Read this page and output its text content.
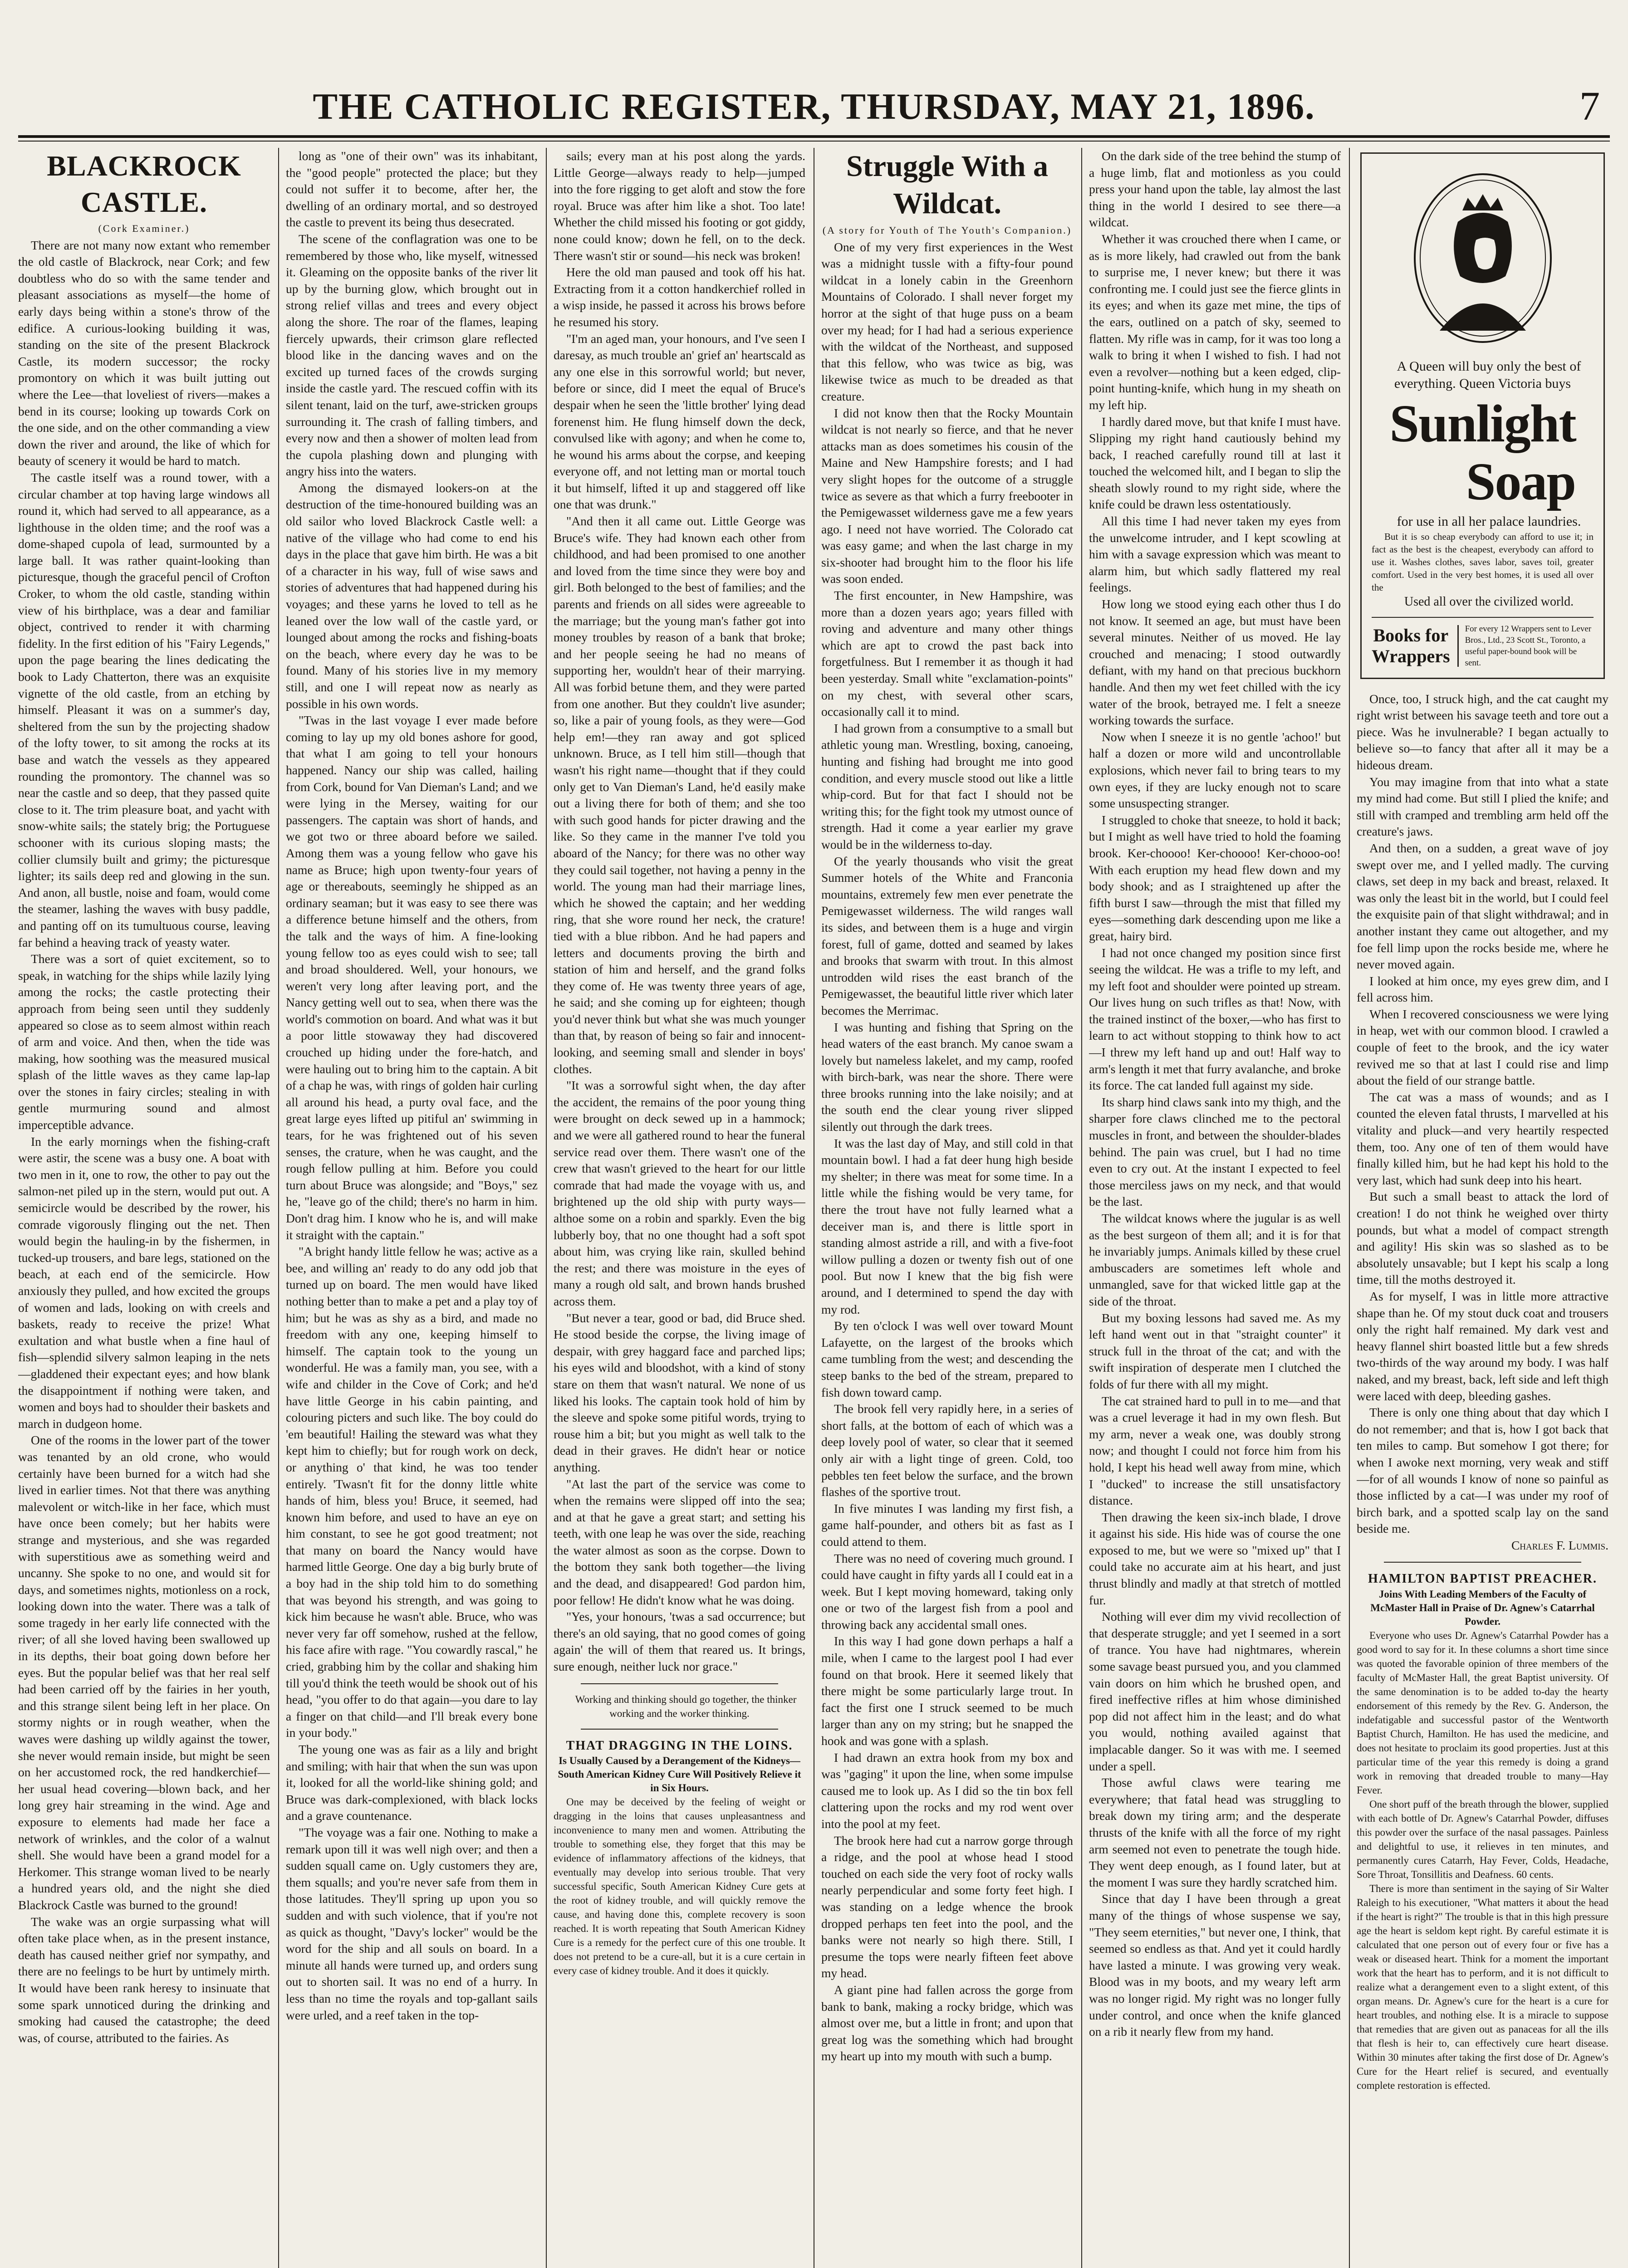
THE CATHOLIC REGISTER, THURSDAY, MAY 21, 1896.	7

BLACKROCK CASTLE.

(Cork Examiner.)

There are not many now extant who remember the old castle of Blackrock, near Cork; and few doubtless who do so with the same tender and pleasant associations as myself—the home of early days being within a stone's throw of the edifice. A curious-looking building it was, standing on the site of the present Blackrock Castle, its modern successor; the rocky promontory on which it was built jutting out where the Lee—that loveliest of rivers—makes a bend in its course; looking up towards Cork on the one side, and on the other commanding a view down the river and around, the like of which for beauty of scenery it would be hard to match.

The castle itself was a round tower, with a circular chamber at top having large windows all round it, which had served to all appearance, as a lighthouse in the olden time; and the roof was a dome-shaped cupola of lead, surmounted by a large ball. It was rather quaint-looking than picturesque, though the graceful pencil of Crofton Croker, to whom the old castle, standing within view of his birthplace, was a dear and familiar object, contrived to render it with charming fidelity. In the first edition of his "Fairy Legends," upon the page bearing the lines dedicating the book to Lady Chatterton, there was an exquisite vignette of the old castle, from an etching by himself. Pleasant it was on a summer's day, sheltered from the sun by the projecting shadow of the lofty tower, to sit among the rocks at its base and watch the vessels as they appeared rounding the promontory. The channel was so near the castle and so deep, that they passed quite close to it. The trim pleasure boat, and yacht with snow-white sails; the stately brig; the Portuguese schooner with its curious sloping masts; the collier clumsily built and grimy; the picturesque lighter; its sails deep red and glowing in the sun. And anon, all bustle, noise and foam, would come the steamer, lashing the waves with busy paddle, and panting off on its tumultuous course, leaving far behind a heaving track of yeasty water.

There was a sort of quiet excitement, so to speak, in watching for the ships while lazily lying among the rocks; the castle protecting their approach from being seen until they suddenly appeared so close as to seem almost within reach of arm and voice. And then, when the tide was making, how soothing was the measured musical splash of the little waves as they came lap-lap over the stones in fairy circles; stealing in with gentle murmuring sound and almost imperceptible advance.

In the early mornings when the fishing-craft were astir, the scene was a busy one. A boat with two men in it, one to row, the other to pay out the salmon-net piled up in the stern, would put out. A semicircle would be described by the rower, his comrade vigorously flinging out the net. Then would begin the hauling-in by the fishermen, in tucked-up trousers, and bare legs, stationed on the beach, at each end of the semicircle. How anxiously they pulled, and how excited the groups of women and lads, looking on with creels and baskets, ready to receive the prize! What exultation and what bustle when a fine haul of fish—splendid silvery salmon leaping in the nets—gladdened their expectant eyes; and how blank the disappointment if nothing were taken, and women and boys had to shoulder their baskets and march in dudgeon home.

One of the rooms in the lower part of the tower was tenanted by an old crone, who would certainly have been burned for a witch had she lived in earlier times. Not that there was anything malevolent or witch-like in her face, which must have once been comely; but her habits were strange and mysterious, and she was regarded with superstitious awe as something weird and uncanny. She spoke to no one, and would sit for days, and sometimes nights, motionless on a rock, looking down into the water. There was a talk of some tragedy in her early life connected with the river; of all she loved having been swallowed up in its depths, their boat going down before her eyes. But the popular belief was that her real self had been carried off by the fairies in her youth, and this strange silent being left in her place. On stormy nights or in rough weather, when the waves were dashing up wildly against the tower, she never would remain inside, but might be seen on her accustomed rock, the red handkerchief—her usual head covering—blown back, and her long grey hair streaming in the wind. Age and exposure to elements had made her face a network of wrinkles, and the color of a walnut shell. She would have been a grand model for a Herkomer. This strange woman lived to be nearly a hundred years old, and the night she died Blackrock Castle was burned to the ground!

The wake was an orgie surpassing what will often take place when, as in the present instance, death has caused neither grief nor sympathy, and there are no feelings to be hurt by untimely mirth. It would have been rank heresy to insinuate that some spark unnoticed during the drinking and smoking had caused the catastrophe; the deed was, of course, attributed to the fairies. As

long as "one of their own" was its inhabitant, the "good people" protected the place; but they could not suffer it to become, after her, the dwelling of an ordinary mortal, and so destroyed the castle to prevent its being thus desecrated.

The scene of the conflagration was one to be remembered by those who, like myself, witnessed it. Gleaming on the opposite banks of the river lit up by the burning glow, which brought out in strong relief villas and trees and every object along the shore. The roar of the flames, leaping fiercely upwards, their crimson glare reflected blood like in the dancing waves and on the excited up turned faces of the crowds surging inside the castle yard. The rescued coffin with its silent tenant, laid on the turf, awe-stricken groups surrounding it. The crash of falling timbers, and every now and then a shower of molten lead from the cupola plashing down and plunging with angry hiss into the waters.

Among the dismayed lookers-on at the destruction of the time-honoured building was an old sailor who loved Blackrock Castle well: a native of the village who had come to end his days in the place that gave him birth. He was a bit of a character in his way, full of wise saws and stories of adventures that had happened during his voyages; and these yarns he loved to tell as he leaned over the low wall of the castle yard, or lounged about among the rocks and fishing-boats on the beach, where every day he was to be found. Many of his stories live in my memory still, and one I will repeat now as nearly as possible in his own words.

"Twas in the last voyage I ever made before coming to lay up my old bones ashore for good, that what I am going to tell your honours happened. Nancy our ship was called, hailing from Cork, bound for Van Dieman's Land; and we were lying in the Mersey, waiting for our passengers. The captain was short of hands, and we got two or three aboard before we sailed. Among them was a young fellow who gave his name as Bruce; high upon twenty-four years of age or thereabouts, seemingly he shipped as an ordinary seaman; but it was easy to see there was a difference betune himself and the others, from the talk and the ways of him. A fine-looking young fellow too as eyes could wish to see; tall and broad shouldered. Well, your honours, we weren't very long after leaving port, and the Nancy getting well out to sea, when there was the world's commotion on board. And what was it but a poor little stowaway they had discovered crouched up hiding under the fore-hatch, and were hauling out to bring him to the captain. A bit of a chap he was, with rings of golden hair curling all around his head, a purty oval face, and the great large eyes lifted up pitiful an' swimming in tears, for he was frightened out of his seven senses, the crature, when he was caught, and the rough fellow pulling at him. Before you could turn about Bruce was alongside; and "Boys," sez he, "leave go of the child; there's no harm in him. Don't drag him. I know who he is, and will make it straight with the captain."

"A bright handy little fellow he was; active as a bee, and willing an' ready to do any odd job that turned up on board. The men would have liked nothing better than to make a pet and a play toy of him; but he was as shy as a bird, and made no freedom with any one, keeping himself to himself. The captain took to the young un wonderful. He was a family man, you see, with a wife and childer in the Cove of Cork; and he'd have little George in his cabin painting, and colouring picters and such like. The boy could do 'em beautiful! Hailing the steward was what they kept him to chiefly; but for rough work on deck, or anything o' that kind, he was too tender entirely. 'Twasn't fit for the donny little white hands of him, bless you! Bruce, it seemed, had known him before, and used to have an eye on him constant, to see he got good treatment; not that many on board the Nancy would have harmed little George. One day a big burly brute of a boy had in the ship told him to do something that was beyond his strength, and was going to kick him because he wasn't able. Bruce, who was never very far off somehow, rushed at the fellow, his face afire with rage. "You cowardly rascal," he cried, grabbing him by the collar and shaking him till you'd think the teeth would be shook out of his head, "you offer to do that again—you dare to lay a finger on that child—and I'll break every bone in your body."

The young one was as fair as a lily and bright and smiling; with hair that when the sun was upon it, looked for all the world-like shining gold; and Bruce was dark-complexioned, with black locks and a grave countenance.

"The voyage was a fair one. Nothing to make a remark upon till it was well nigh over; and then a sudden squall came on. Ugly customers they are, them squalls; and you're never safe from them in those latitudes. They'll spring up upon you so sudden and with such violence, that if you're not as quick as thought, "Davy's locker" would be the word for the ship and all souls on board. In a minute all hands were turned up, and orders sung out to shorten sail. It was no end of a hurry. In less than no time the royals and top-gallant sails were urled, and a reef taken in the top-

sails; every man at his post along the yards. Little George—always ready to help—jumped into the fore rigging to get aloft and stow the fore royal. Bruce was after him like a shot. Too late! Whether the child missed his footing or got giddy, none could know; down he fell, on to the deck. There wasn't stir or sound—his neck was broken!

Here the old man paused and took off his hat. Extracting from it a cotton handkerchief rolled in a wisp inside, he passed it across his brows before he resumed his story.

"I'm an aged man, your honours, and I've seen I daresay, as much trouble an' grief an' heartscald as any one else in this sorrowful world; but never, before or since, did I meet the equal of Bruce's despair when he seen the 'little brother' lying dead forenenst him. He flung himself down the deck, convulsed like with agony; and when he come to, he wound his arms about the corpse, and keeping everyone off, and not letting man or mortal touch it but himself, lifted it up and staggered off like one that was drunk."

"And then it all came out. Little George was Bruce's wife. They had known each other from childhood, and had been promised to one another and loved from the time since they were boy and girl. Both belonged to the best of families; and the parents and friends on all sides were agreeable to the marriage; but the young man's father got into money troubles by reason of a bank that broke; and her people seeing he had no means of supporting her, wouldn't hear of their marrying. All was forbid betune them, and they were parted from one another. But they couldn't live asunder; so, like a pair of young fools, as they were—God help em!—they ran away and got spliced unknown. Bruce, as I tell him still—though that wasn't his right name—thought that if they could only get to Van Dieman's Land, he'd easily make out a living there for both of them; and she too with such good hands for picter drawing and the like. So they came in the manner I've told you aboard of the Nancy; for there was no other way they could sail together, not having a penny in the world. The young man had their marriage lines, which he showed the captain; and her wedding ring, that she wore round her neck, the crature! tied with a blue ribbon. And he had papers and letters and documents proving the birth and station of him and herself, and the grand folks they come of. He was twenty three years of age, he said; and she coming up for eighteen; though you'd never think but what she was much younger than that, by reason of being so fair and innocent-looking, and seeming small and slender in boys' clothes.

"It was a sorrowful sight when, the day after the accident, the remains of the poor young thing were brought on deck sewed up in a hammock; and we were all gathered round to hear the funeral service read over them. There wasn't one of the crew that wasn't grieved to the heart for our little comrade that had made the voyage with us, and brightened up the old ship with purty ways—althoe some on a robin and sparkly. Even the big lubberly boy, that no one thought had a soft spot about him, was crying like rain, skulled behind the rest; and there was moisture in the eyes of many a rough old salt, and brown hands brushed across them.

"But never a tear, good or bad, did Bruce shed. He stood beside the corpse, the living image of despair, with grey haggard face and parched lips; his eyes wild and bloodshot, with a kind of stony stare on them that wasn't natural. We none of us liked his looks. The captain took hold of him by the sleeve and spoke some pitiful words, trying to rouse him a bit; but you might as well talk to the dead in their graves. He didn't hear or notice anything.

"At last the part of the service was come to when the remains were slipped off into the sea; and at that he gave a great start; and setting his teeth, with one leap he was over the side, reaching the water almost as soon as the corpse. Down to the bottom they sank both together—the living and the dead, and disappeared! God pardon him, poor fellow! He didn't know what he was doing.

"Yes, your honours, 'twas a sad occurrence; but there's an old saying, that no good comes of going again' the will of them that reared us. It brings, sure enough, neither luck nor grace."

Working and thinking should go together, the thinker working and the worker thinking.

THAT DRAGGING IN THE LOINS.

Is Usually Caused by a Derangement of the Kidneys—South American Kidney Cure Will Positively Relieve it in Six Hours.

One may be deceived by the feeling of weight or dragging in the loins that causes unpleasantness and inconvenience to many men and women. Attributing the trouble to something else, they forget that this may be evidence of inflammatory affections of the kidneys, that eventually may develop into serious trouble. That very successful specific, South American Kidney Cure gets at the root of kidney trouble, and will quickly remove the cause, and having done this, complete recovery is soon reached. It is worth repeating that South American Kidney Cure is a remedy for the perfect cure of this one trouble. It does not pretend to be a cure-all, but it is a cure certain in every case of kidney trouble. And it does it quickly.

Struggle With a Wildcat.

(A story for Youth of The Youth's Companion.)

One of my very first experiences in the West was a midnight tussle with a fifty-four pound wildcat in a lonely cabin in the Greenhorn Mountains of Colorado. I shall never forget my horror at the sight of that huge puss on a beam over my head; for I had had a serious experience with the wildcat of the Northeast, and supposed that this fellow, who was twice as big, was likewise twice as much to be dreaded as that creature.

I did not know then that the Rocky Mountain wildcat is not nearly so fierce, and that he never attacks man as does sometimes his cousin of the Maine and New Hampshire forests; and I had very slight hopes for the outcome of a struggle twice as severe as that which a furry freebooter in the Pemigewasset wilderness gave me a few years ago. I need not have worried. The Colorado cat was easy game; and when the last charge in my six-shooter had brought him to the floor his life was soon ended.

The first encounter, in New Hampshire, was more than a dozen years ago; years filled with roving and adventure and many other things which are apt to crowd the past back into forgetfulness. But I remember it as though it had been yesterday. Small white "exclamation-points" on my chest, with several other scars, occasionally call it to mind.

I had grown from a consumptive to a small but athletic young man. Wrestling, boxing, canoeing, hunting and fishing had brought me into good condition, and every muscle stood out like a little whip-cord. But for that fact I should not be writing this; for the fight took my utmost ounce of strength. Had it come a year earlier my grave would be in the wilderness to-day.

Of the yearly thousands who visit the great Summer hotels of the White and Franconia mountains, extremely few men ever penetrate the Pemigewasset wilderness. The wild ranges wall its sides, and between them is a huge and virgin forest, full of game, dotted and seamed by lakes and brooks that swarm with trout. In this almost untrodden wild rises the east branch of the Pemigewasset, the beautiful little river which later becomes the Merrimac.

I was hunting and fishing that Spring on the head waters of the east branch. My canoe swam a lovely but nameless lakelet, and my camp, roofed with birch-bark, was near the shore. There were three brooks running into the lake noisily; and at the south end the clear young river slipped silently out through the dark trees.

It was the last day of May, and still cold in that mountain bowl. I had a fat deer hung high beside my shelter; in there was meat for some time. In a little while the fishing would be very tame, for there the trout have not fully learned what a deceiver man is, and there is little sport in standing almost astride a rill, and with a five-foot willow pulling a dozen or twenty fish out of one pool. But now I knew that the big fish were around, and I determined to spend the day with my rod.

By ten o'clock I was well over toward Mount Lafayette, on the largest of the brooks which came tumbling from the west; and descending the steep banks to the bed of the stream, prepared to fish down toward camp.

The brook fell very rapidly here, in a series of short falls, at the bottom of each of which was a deep lovely pool of water, so clear that it seemed only air with a light tinge of green. Cold, too pebbles ten feet below the surface, and the brown flashes of the sportive trout.

In five minutes I was landing my first fish, a game half-pounder, and others bit as fast as I could attend to them.

There was no need of covering much ground. I could have caught in fifty yards all I could eat in a week. But I kept moving homeward, taking only one or two of the largest fish from a pool and throwing back any accidental small ones.

In this way I had gone down perhaps a half a mile, when I came to the largest pool I had ever found on that brook. Here it seemed likely that there might be some particularly large trout. In fact the first one I struck seemed to be much larger than any on my string; but he snapped the hook and was gone with a splash.

I had drawn an extra hook from my box and was "gaging" it upon the line, when some impulse caused me to look up. As I did so the tin box fell clattering upon the rocks and my rod went over into the pool at my feet.

The brook here had cut a narrow gorge through a ridge, and the pool at whose head I stood touched on each side the very foot of rocky walls nearly perpendicular and some forty feet high. I was standing on a ledge whence the brook dropped perhaps ten feet into the pool, and the banks were not nearly so high there. Still, I presume the tops were nearly fifteen feet above my head.

A giant pine had fallen across the gorge from bank to bank, making a rocky bridge, which was almost over me, but a little in front; and upon that great log was the something which had brought my heart up into my mouth with such a bump.

On the dark side of the tree behind the stump of a huge limb, flat and motionless as you could press your hand upon the table, lay almost the last thing in the world I desired to see there—a wildcat.

Whether it was crouched there when I came, or as is more likely, had crawled out from the bank to surprise me, I never knew; but there it was confronting me. I could just see the fierce glints in its eyes; and when its gaze met mine, the tips of the ears, outlined on a patch of sky, seemed to flatten. My rifle was in camp, for it was too long a walk to bring it when I wished to fish. I had not even a revolver—nothing but a keen edged, clip-point hunting-knife, which hung in my sheath on my left hip.

I hardly dared move, but that knife I must have. Slipping my right hand cautiously behind my back, I reached carefully round till at last it touched the welcomed hilt, and I began to slip the sheath slowly round to my right side, where the knife could be drawn less ostentatiously.

All this time I had never taken my eyes from the unwelcome intruder, and I kept scowling at him with a savage expression which was meant to alarm him, but which sadly flattered my real feelings.

How long we stood eying each other thus I do not know. It seemed an age, but must have been several minutes. Neither of us moved. He lay crouched and menacing; I stood outwardly defiant, with my hand on that precious buckhorn handle. And then my wet feet chilled with the icy water of the brook, betrayed me. I felt a sneeze working towards the surface.

Now when I sneeze it is no gentle 'achoo!' but half a dozen or more wild and uncontrollable explosions, which never fail to bring tears to my own eyes, if they are lucky enough not to scare some unsuspecting stranger.

I struggled to choke that sneeze, to hold it back; but I might as well have tried to hold the foaming brook. Ker-choooo! Ker-choooo! Ker-chooo-oo! With each eruption my head flew down and my body shook; and as I straightened up after the fifth burst I saw—through the mist that filled my eyes—something dark descending upon me like a great, hairy bird.

I had not once changed my position since first seeing the wildcat. He was a trifle to my left, and my left foot and shoulder were pointed up stream. Our lives hung on such trifles as that! Now, with the trained instinct of the boxer,—who has first to learn to act without stopping to think how to act—I threw my left hand up and out! Half way to arm's length it met that furry avalanche, and broke its force. The cat landed full against my side.

Its sharp hind claws sank into my thigh, and the sharper fore claws clinched me to the pectoral muscles in front, and between the shoulder-blades behind. The pain was cruel, but I had no time even to cry out. At the instant I expected to feel those merciless jaws on my neck, and that would be the last.

The wildcat knows where the jugular is as well as the best surgeon of them all; and it is for that he invariably jumps. Animals killed by these cruel ambuscaders are sometimes left whole and unmangled, save for that wicked little gap at the side of the throat.

But my boxing lessons had saved me. As my left hand went out in that "straight counter" it struck full in the throat of the cat; and with the swift inspiration of desperate men I clutched the folds of fur there with all my might.

The cat strained hard to pull in to me—and that was a cruel leverage it had in my own flesh. But my arm, never a weak one, was doubly strong now; and thought I could not force him from his hold, I kept his head well away from mine, which I "ducked" to increase the still unsatisfactory distance.

Then drawing the keen six-inch blade, I drove it against his side. His hide was of course the one exposed to me, but we were so "mixed up" that I could take no accurate aim at his heart, and just thrust blindly and madly at that stretch of mottled fur.

Nothing will ever dim my vivid recollection of that desperate struggle; and yet I seemed in a sort of trance. You have had nightmares, wherein some savage beast pursued you, and you clammed vain doors on him which he brushed open, and fired ineffective rifles at him whose diminished pop did not affect him in the least; and do what you would, nothing availed against that implacable danger. So it was with me. I seemed under a spell.

Those awful claws were tearing me everywhere; that fatal head was struggling to break down my tiring arm; and the desperate thrusts of the knife with all the force of my right arm seemed not even to penetrate the tough hide. They went deep enough, as I found later, but at the moment I was sure they hardly scratched him.

Since that day I have been through a great many of the things of whose suspense we say, "They seem eternities," but never one, I think, that seemed so endless as that. And yet it could hardly have lasted a minute. I was growing very weak. Blood was in my boots, and my weary left arm was no longer rigid. My right was no longer fully under control, and once when the knife glanced on a rib it nearly flew from my hand.

A Queen will buy only the best of everything. Queen Victoria buys

Sunlight
Soap

for use in all her palace laundries.

But it is so cheap everybody can afford to use it; in fact as the best is the cheapest, everybody can afford to use it. Washes clothes, saves labor, saves toil, greater comfort. Used in the very best homes, it is used all over the

Used all over the civilized world.

Books for Wrappers
For every 12 Wrappers sent to Lever Bros., Ltd., 23 Scott St., Toronto, a useful paper-bound book will be sent.

Once, too, I struck high, and the cat caught my right wrist between his savage teeth and tore out a piece. Was he invulnerable? I began actually to believe so—to fancy that after all it may be a hideous dream.

You may imagine from that into what a state my mind had come. But still I plied the knife; and still with cramped and trembling arm held off the creature's jaws.

And then, on a sudden, a great wave of joy swept over me, and I yelled madly. The curving claws, set deep in my back and breast, relaxed. It was only the least bit in the world, but I could feel the exquisite pain of that slight withdrawal; and in another instant they came out altogether, and my foe fell limp upon the rocks beside me, where he never moved again.

I looked at him once, my eyes grew dim, and I fell across him.

When I recovered consciousness we were lying in heap, wet with our common blood. I crawled a couple of feet to the brook, and the icy water revived me so that at last I could rise and limp about the field of our strange battle.

The cat was a mass of wounds; and as I counted the eleven fatal thrusts, I marvelled at his vitality and pluck—and very heartily respected them, too. Any one of ten of them would have finally killed him, but he had kept his hold to the very last, which had sunk deep into his heart.

But such a small beast to attack the lord of creation! I do not think he weighed over thirty pounds, but what a model of compact strength and agility! His skin was so slashed as to be absolutely unsavable; but I kept his scalp a long time, till the moths destroyed it.

As for myself, I was in little more attractive shape than he. Of my stout duck coat and trousers only the right half remained. My dark vest and heavy flannel shirt boasted little but a few shreds two-thirds of the way around my body. I was half naked, and my breast, back, left side and left thigh were laced with deep, bleeding gashes.

There is only one thing about that day which I do not remember; and that is, how I got back that ten miles to camp. But somehow I got there; for when I awoke next morning, very weak and stiff—for of all wounds I know of none so painful as those inflicted by a cat—I was under my roof of birch bark, and a spotted scalp lay on the sand beside me.

Charles F. Lummis.

HAMILTON BAPTIST PREACHER.

Joins With Leading Members of the Faculty of McMaster Hall in Praise of Dr. Agnew's Catarrhal Powder.

Everyone who uses Dr. Agnew's Catarrhal Powder has a good word to say for it. In these columns a short time since was quoted the favorable opinion of three members of the faculty of McMaster Hall, the great Baptist university. Of the same denomination is to be added to-day the hearty endorsement of this remedy by the Rev. G. Anderson, the indefatigable and successful pastor of the Wentworth Baptist Church, Hamilton. He has used the medicine, and does not hesitate to proclaim its good properties. Just at this particular time of the year this remedy is doing a grand work in removing that dreaded trouble to many—Hay Fever.

One short puff of the breath through the blower, supplied with each bottle of Dr. Agnew's Catarrhal Powder, diffuses this powder over the surface of the nasal passages. Painless and delightful to use, it relieves in ten minutes, and permanently cures Catarrh, Hay Fever, Colds, Headache, Sore Throat, Tonsillitis and Deafness. 60 cents.

There is more than sentiment in the saying of Sir Walter Raleigh to his executioner, "What matters it about the head if the heart is right?" The trouble is that in this high pressure age the heart is seldom kept right. By careful estimate it is calculated that one person out of every four or five has a weak or diseased heart. Think for a moment the important work that the heart has to perform, and it is not difficult to realize what a derangement even to a slight extent, of this organ means. Dr. Agnew's cure for the heart is a cure for heart troubles, and nothing else. It is a miracle to suppose that remedies that are given out as panaceas for all the ills that flesh is heir to, can effectively cure heart disease. Within 30 minutes after taking the first dose of Dr. Agnew's Cure for the Heart relief is secured, and eventually complete restoration is effected.
